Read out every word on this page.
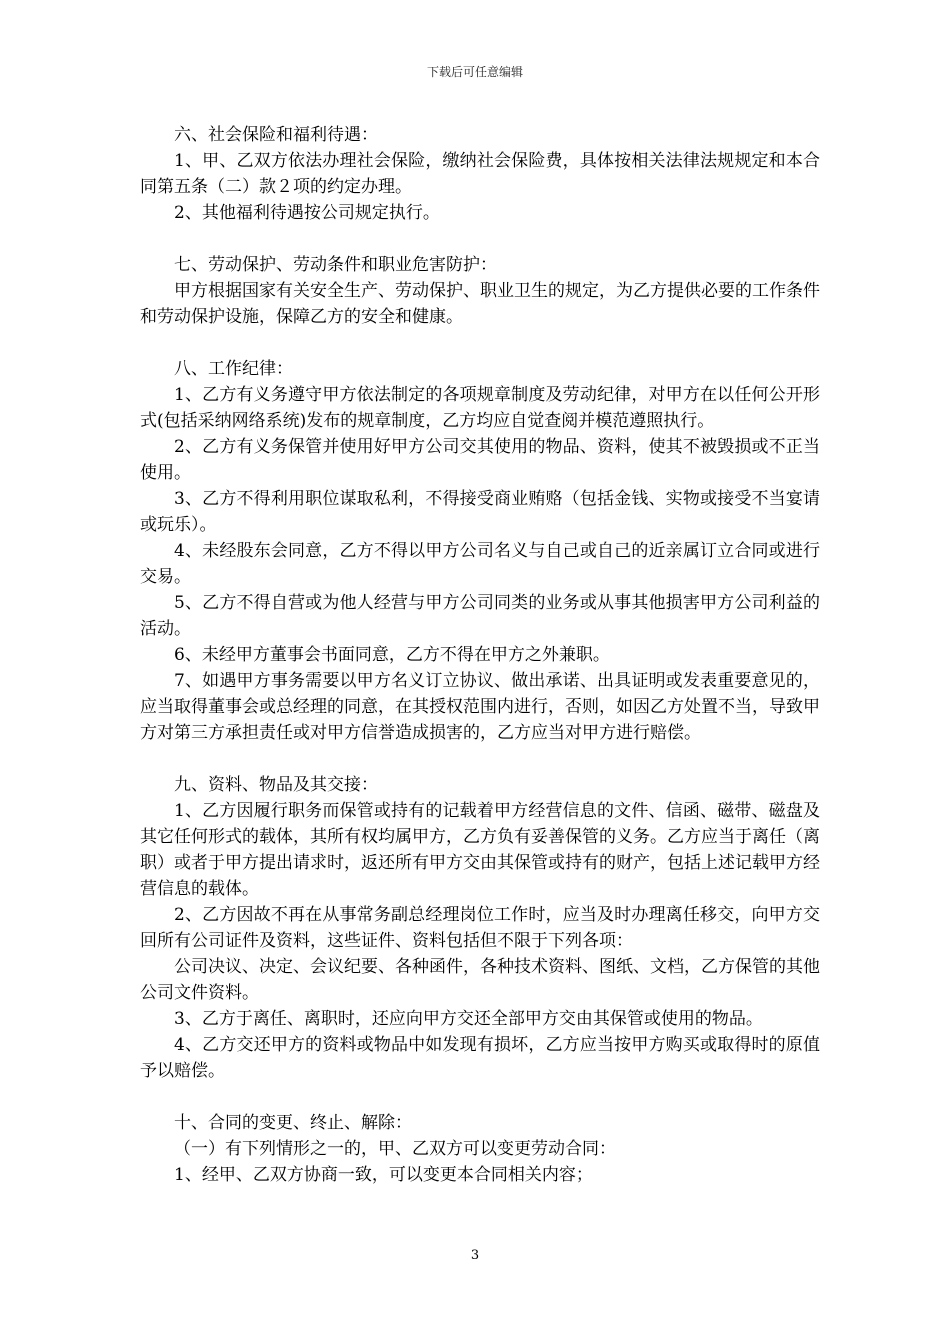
下载后可任意编辑

六、社会保险和福利待遇：

1、甲、乙双方依法办理社会保险，缴纳社会保险费，具体按相关法律法规规定和本合同第五条（二）款２项的约定办理。

2、其他福利待遇按公司规定执行。

七、劳动保护、劳动条件和职业危害防护：

甲方根据国家有关安全生产、劳动保护、职业卫生的规定，为乙方提供必要的工作条件和劳动保护设施，保障乙方的安全和健康。

八、工作纪律：

1、乙方有义务遵守甲方依法制定的各项规章制度及劳动纪律，对甲方在以任何公开形式(包括采纳网络系统)发布的规章制度，乙方均应自觉查阅并模范遵照执行。

2、乙方有义务保管并使用好甲方公司交其使用的物品、资料，使其不被毁损或不正当使用。

3、乙方不得利用职位谋取私利，不得接受商业贿赂（包括金钱、实物或接受不当宴请或玩乐）。

4、未经股东会同意，乙方不得以甲方公司名义与自己或自己的近亲属订立合同或进行交易。

5、乙方不得自营或为他人经营与甲方公司同类的业务或从事其他损害甲方公司利益的活动。

6、未经甲方董事会书面同意，乙方不得在甲方之外兼职。

7、如遇甲方事务需要以甲方名义订立协议、做出承诺、出具证明或发表重要意见的，应当取得董事会或总经理的同意，在其授权范围内进行，否则，如因乙方处置不当，导致甲方对第三方承担责任或对甲方信誉造成损害的，乙方应当对甲方进行赔偿。

九、资料、物品及其交接：

1、乙方因履行职务而保管或持有的记载着甲方经营信息的文件、信函、磁带、磁盘及其它任何形式的载体，其所有权均属甲方，乙方负有妥善保管的义务。乙方应当于离任（离职）或者于甲方提出请求时，返还所有甲方交由其保管或持有的财产，包括上述记载甲方经营信息的载体。

2、乙方因故不再在从事常务副总经理岗位工作时，应当及时办理离任移交，向甲方交回所有公司证件及资料，这些证件、资料包括但不限于下列各项：

公司决议、决定、会议纪要、各种函件，各种技术资料、图纸、文档，乙方保管的其他公司文件资料。

3、乙方于离任、离职时，还应向甲方交还全部甲方交由其保管或使用的物品。

4、乙方交还甲方的资料或物品中如发现有损坏，乙方应当按甲方购买或取得时的原值予以赔偿。

十、合同的变更、终止、解除：

（一）有下列情形之一的，甲、乙双方可以变更劳动合同：

1、经甲、乙双方协商一致，可以变更本合同相关内容；

3
